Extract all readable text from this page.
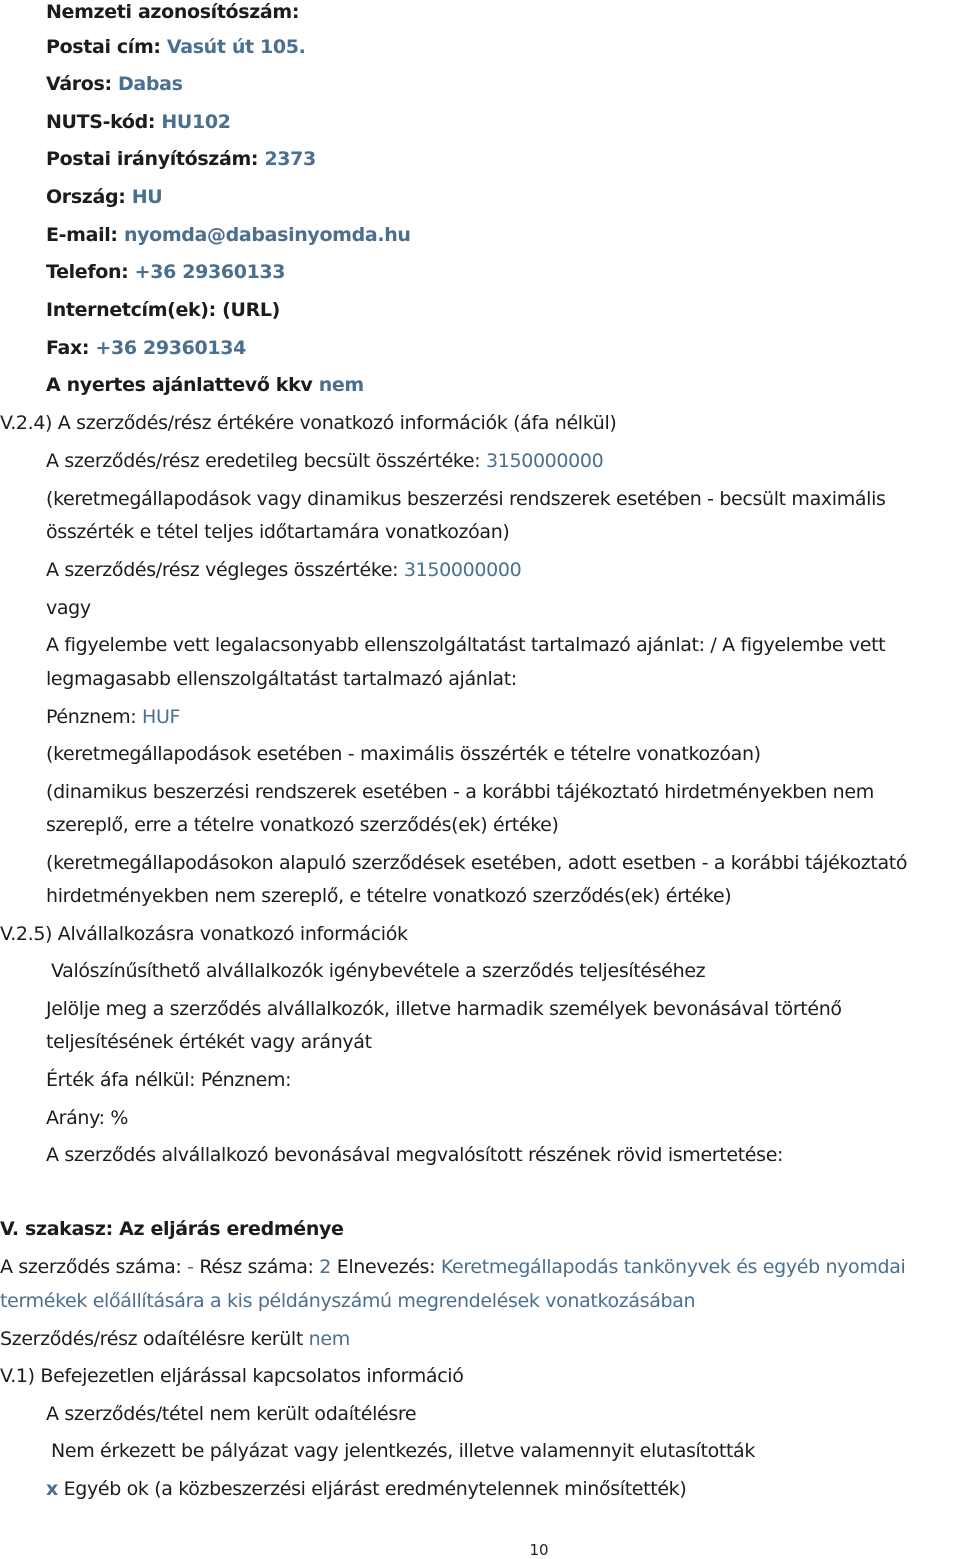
Nemzeti azonosítószám:
Postai cím: Vasút út 105.
Város: Dabas
NUTS-kód: HU102
Postai irányítószám: 2373
Ország: HU
E-mail: nyomda@dabasinyomda.hu
Telefon: +36 29360133
Internetcím(ek): (URL)
Fax: +36 29360134
A nyertes ajánlattevő kkv nem
V.2.4) A szerződés/rész értékére vonatkozó információk (áfa nélkül)
A szerződés/rész eredetileg becsült összértéke: 3150000000
(keretmegállapodások vagy dinamikus beszerzési rendszerek esetében - becsült maximális
összérték e tétel teljes időtartamára vonatkozóan)
A szerződés/rész végleges összértéke: 3150000000
vagy
A figyelembe vett legalacsonyabb ellenszolgáltatást tartalmazó ajánlat: / A figyelembe vett
legmagasabb ellenszolgáltatást tartalmazó ajánlat:
Pénznem: HUF
(keretmegállapodások esetében - maximális összérték e tételre vonatkozóan)
(dinamikus beszerzési rendszerek esetében - a korábbi tájékoztató hirdetményekben nem
szereplő, erre a tételre vonatkozó szerződés(ek) értéke)
(keretmegállapodásokon alapuló szerződések esetében, adott esetben - a korábbi tájékoztató
hirdetményekben nem szereplő, e tételre vonatkozó szerződés(ek) értéke)
V.2.5) Alvállalkozásra vonatkozó információk
Valószínűsíthető alvállalkozók igénybevétele a szerződés teljesítéséhez
Jelölje meg a szerződés alvállalkozók, illetve harmadik személyek bevonásával történő
teljesítésének értékét vagy arányát
Érték áfa nélkül: Pénznem:
Arány: %
A szerződés alvállalkozó bevonásával megvalósított részének rövid ismertetése:
V. szakasz: Az eljárás eredménye
A szerződés száma: - Rész száma: 2 Elnevezés: Keretmegállapodás tankönyvek és egyéb nyomdai
termékek előállítására a kis példányszámú megrendelések vonatkozásában
Szerződés/rész odaítélésre került nem
V.1) Befejezetlen eljárással kapcsolatos információ
A szerződés/tétel nem került odaítélésre
Nem érkezett be pályázat vagy jelentkezés, illetve valamennyit elutasították
x Egyéb ok (a közbeszerzési eljárást eredménytelennek minősítették)
10
